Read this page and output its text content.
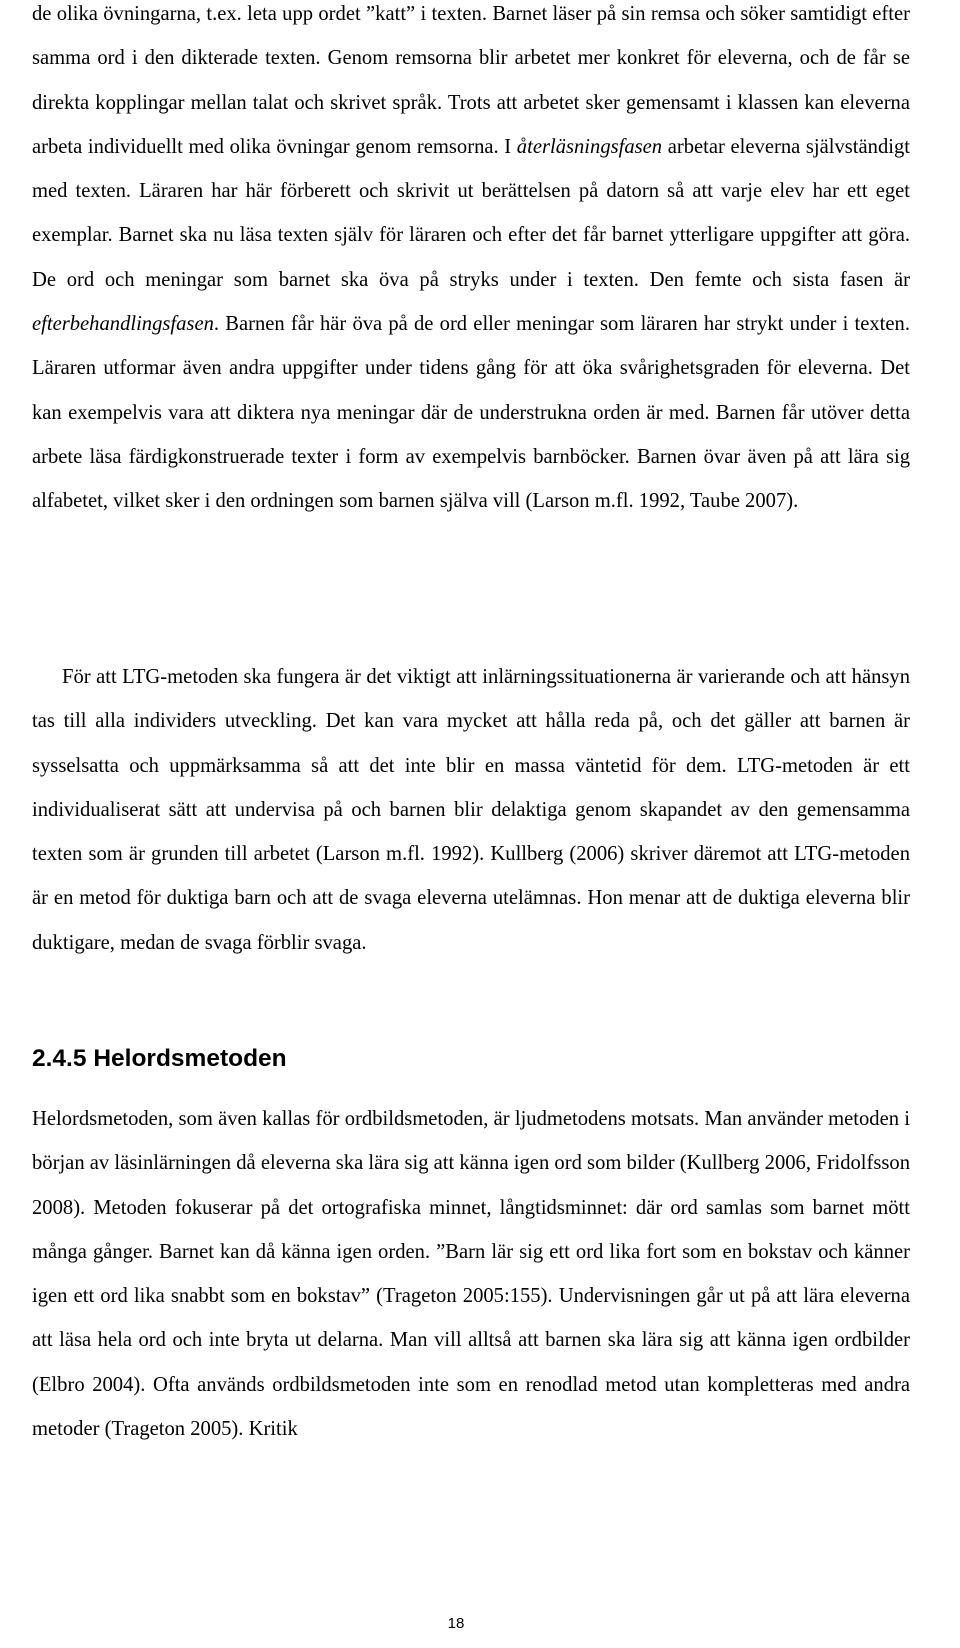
de olika övningarna, t.ex. leta upp ordet ”katt” i texten. Barnet läser på sin remsa och söker samtidigt efter samma ord i den dikterade texten. Genom remsorna blir arbetet mer konkret för eleverna, och de får se direkta kopplingar mellan talat och skrivet språk. Trots att arbetet sker gemensamt i klassen kan eleverna arbeta individuellt med olika övningar genom remsorna. I återläsningsfasen arbetar eleverna självständigt med texten. Läraren har här förberett och skrivit ut berättelsen på datorn så att varje elev har ett eget exemplar. Barnet ska nu läsa texten själv för läraren och efter det får barnet ytterligare uppgifter att göra. De ord och meningar som barnet ska öva på stryks under i texten. Den femte och sista fasen är efterbehandlingsfasen. Barnen får här öva på de ord eller meningar som läraren har strykt under i texten. Läraren utformar även andra uppgifter under tidens gång för att öka svårighetsgraden för eleverna. Det kan exempelvis vara att diktera nya meningar där de understrukna orden är med. Barnen får utöver detta arbete läsa färdigkonstruerade texter i form av exempelvis barnböcker. Barnen övar även på att lära sig alfabetet, vilket sker i den ordningen som barnen själva vill (Larson m.fl. 1992, Taube 2007).

För att LTG-metoden ska fungera är det viktigt att inlärningssituationerna är varierande och att hänsyn tas till alla individers utveckling. Det kan vara mycket att hålla reda på, och det gäller att barnen är sysselsatta och uppmärksamma så att det inte blir en massa väntetid för dem. LTG-metoden är ett individualiserat sätt att undervisa på och barnen blir delaktiga genom skapandet av den gemensamma texten som är grunden till arbetet (Larson m.fl. 1992). Kullberg (2006) skriver däremot att LTG-metoden är en metod för duktiga barn och att de svaga eleverna utelämnas. Hon menar att de duktiga eleverna blir duktigare, medan de svaga förblir svaga.

2.4.5 Helordsmetoden

Helordsmetoden, som även kallas för ordbildsmetoden, är ljudmetodens motsats. Man använder metoden i början av läsinlärningen då eleverna ska lära sig att känna igen ord som bilder (Kullberg 2006, Fridolfsson 2008). Metoden fokuserar på det ortografiska minnet, långtidsminnet: där ord samlas som barnet mött många gånger. Barnet kan då känna igen orden. ”Barn lär sig ett ord lika fort som en bokstav och känner igen ett ord lika snabbt som en bokstav” (Trageton 2005:155). Undervisningen går ut på att lära eleverna att läsa hela ord och inte bryta ut delarna. Man vill alltså att barnen ska lära sig att känna igen ordbilder (Elbro 2004). Ofta används ordbildsmetoden inte som en renodlad metod utan kompletteras med andra metoder (Trageton 2005). Kritik

18
